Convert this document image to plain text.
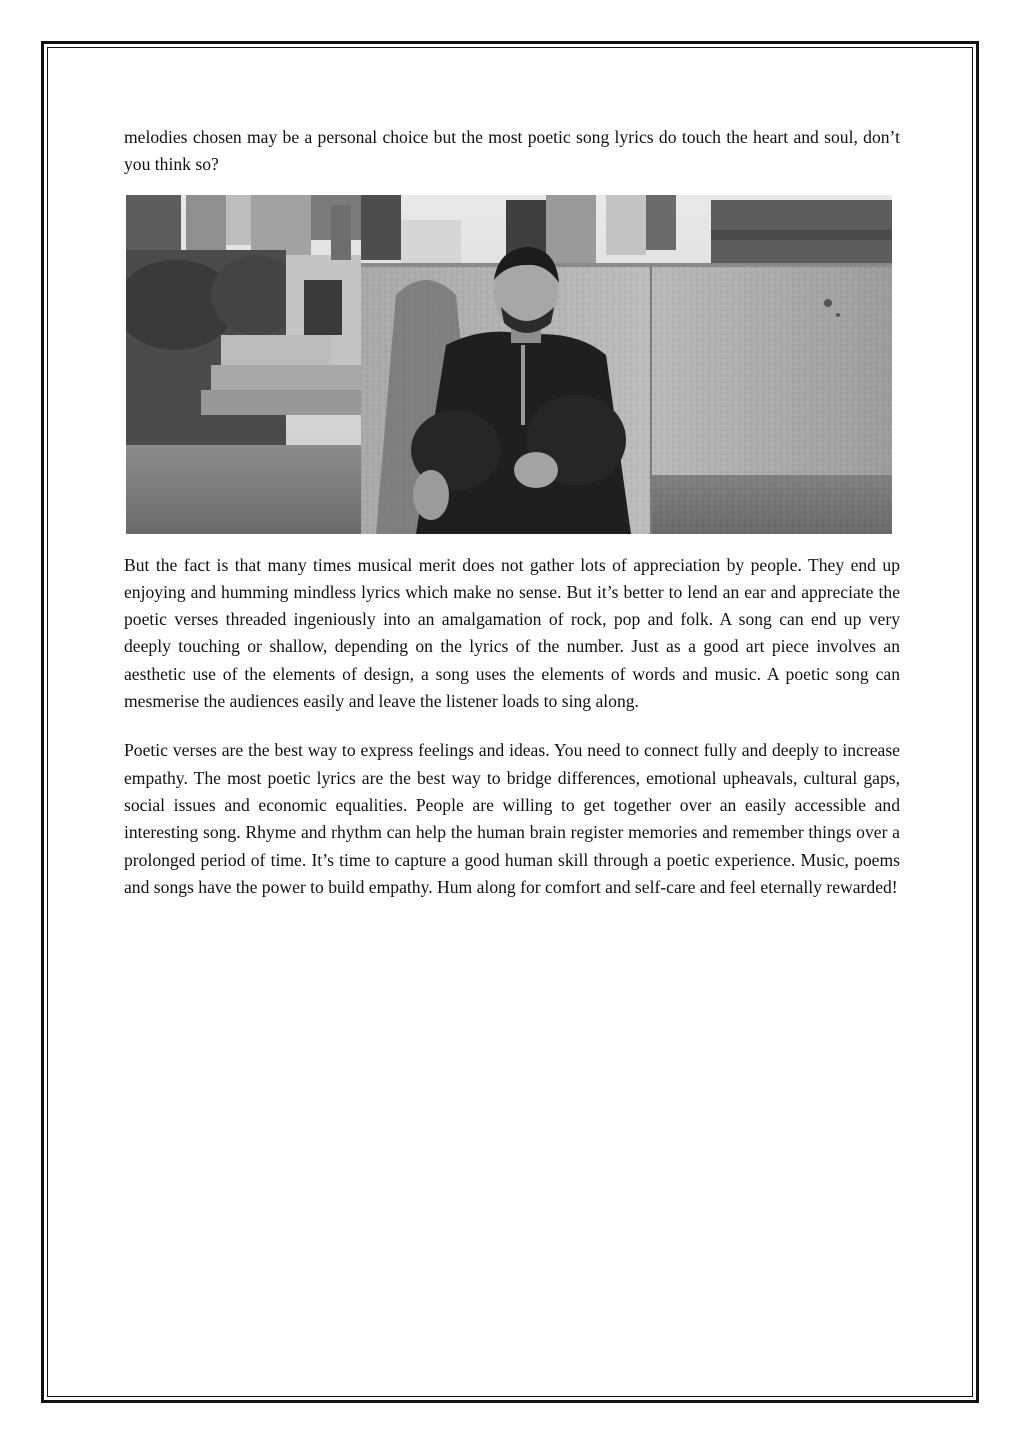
melodies chosen may be a personal choice but the most poetic song lyrics do touch the heart and soul, don’t you think so?

But the fact is that many times musical merit does not gather lots of appreciation by people. They end up enjoying and humming mindless lyrics which make no sense. But it’s better to lend an ear and appreciate the poetic verses threaded ingeniously into an amalgamation of rock, pop and folk. A song can end up very deeply touching or shallow, depending on the lyrics of the number. Just as a good art piece involves an aesthetic use of the elements of design, a song uses the elements of words and music. A poetic song can mesmerise the audiences easily and leave the listener loads to sing along.

Poetic verses are the best way to express feelings and ideas. You need to connect fully and deeply to increase empathy. The most poetic lyrics are the best way to bridge differences, emotional upheavals, cultural gaps, social issues and economic equalities. People are willing to get together over an easily accessible and interesting song. Rhyme and rhythm can help the human brain register memories and remember things over a prolonged period of time. It’s time to capture a good human skill through a poetic experience. Music, poems and songs have the power to build empathy. Hum along for comfort and self-care and feel eternally rewarded!
